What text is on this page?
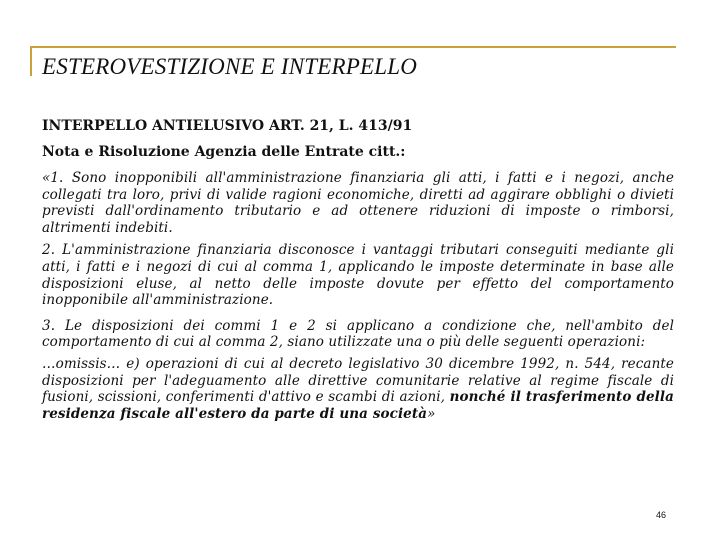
ESTEROVESTIZIONE E INTERPELLO

INTERPELLO ANTIELUSIVO ART. 21, L. 413/91

Nota e Risoluzione Agenzia delle Entrate citt.:

«1. Sono inopponibili all'amministrazione finanziaria gli atti, i fatti e i negozi, anche collegati tra loro, privi di valide ragioni economiche, diretti ad aggirare obblighi o divieti previsti dall'ordinamento tributario e ad ottenere riduzioni di imposte o rimborsi, altrimenti indebiti.

2. L'amministrazione finanziaria disconosce i vantaggi tributari conseguiti mediante gli atti, i fatti e i negozi di cui al comma 1, applicando le imposte determinate in base alle disposizioni eluse, al netto delle imposte dovute per effetto del comportamento inopponibile all'amministrazione.

3. Le disposizioni dei commi 1 e 2 si applicano a condizione che, nell'ambito del comportamento di cui al comma 2, siano utilizzate una o più delle seguenti operazioni:

…omissis… e) operazioni di cui al decreto legislativo 30 dicembre 1992, n. 544, recante disposizioni per l'adeguamento alle direttive comunitarie relative al regime fiscale di fusioni, scissioni, conferimenti d'attivo e scambi di azioni, nonché il trasferimento della residenza fiscale all'estero da parte di una società»

46
